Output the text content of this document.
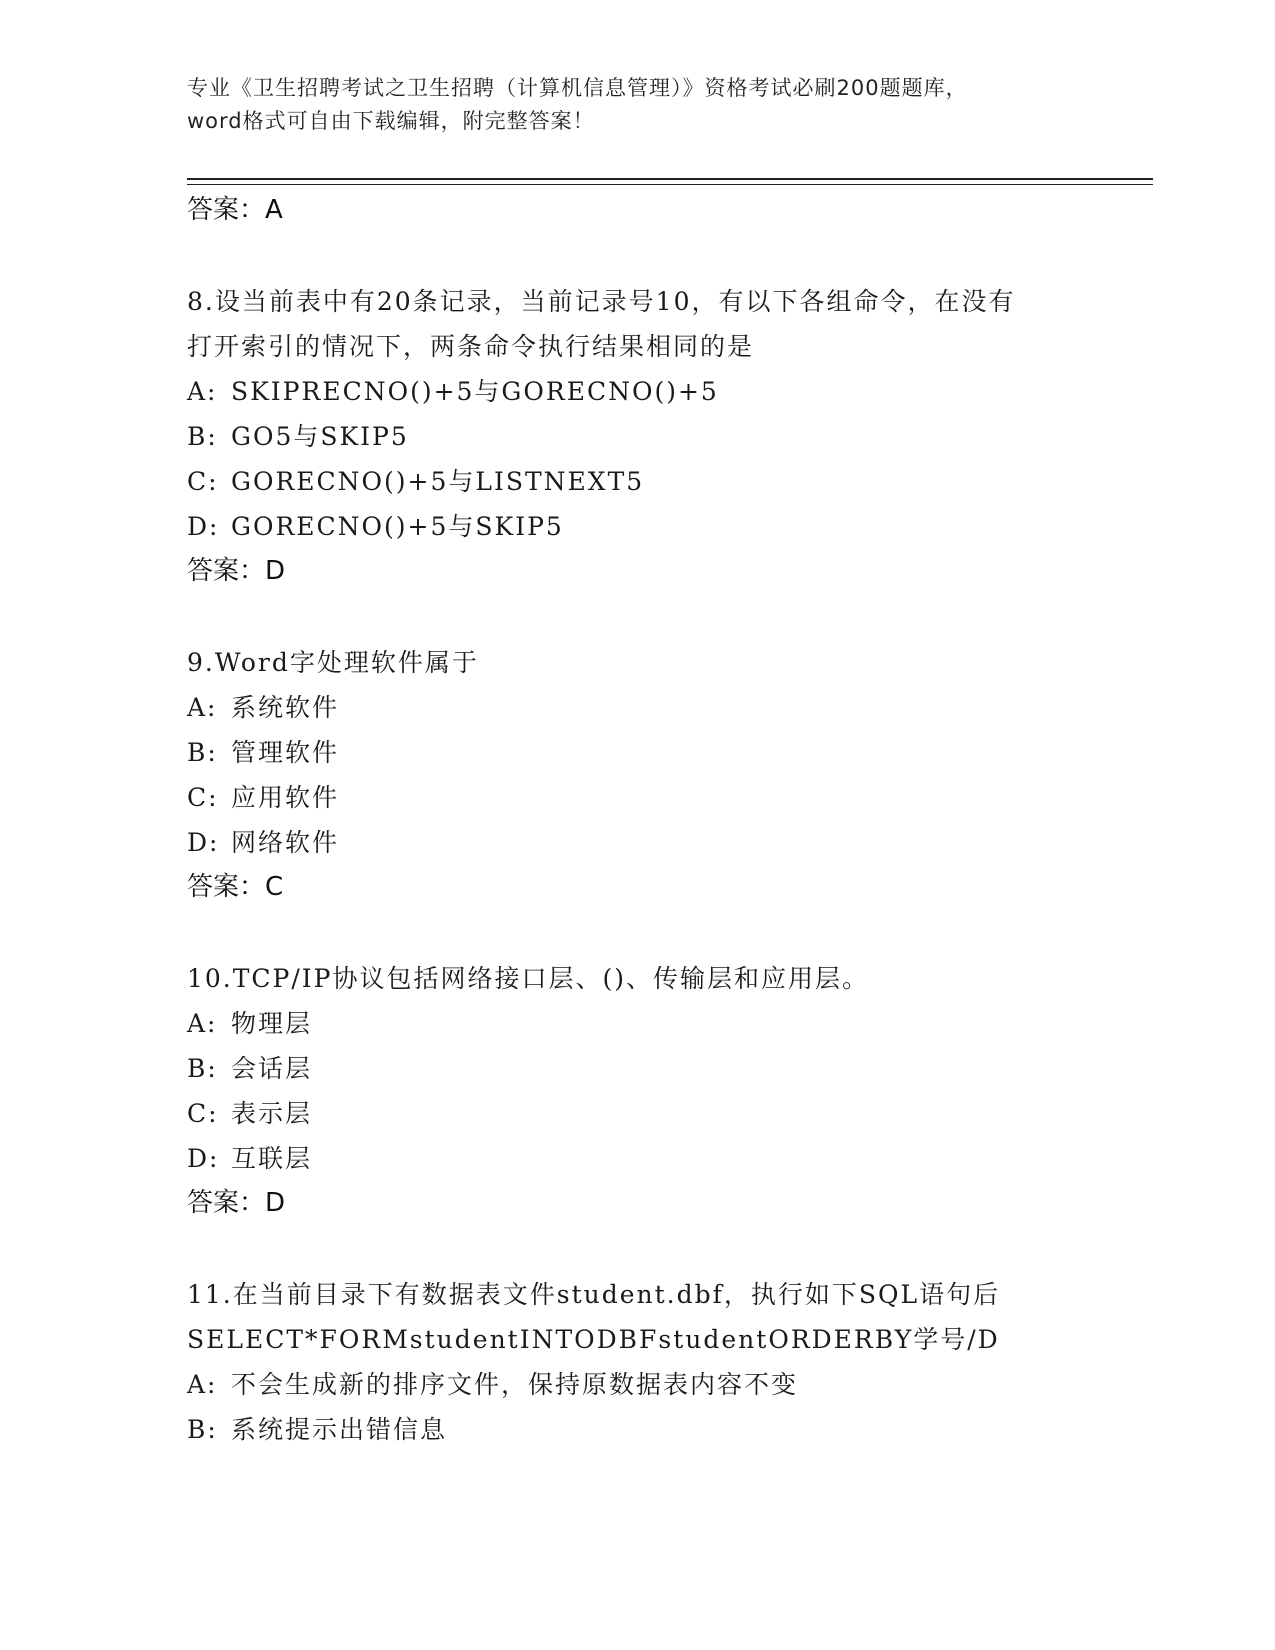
专业《卫生招聘考试之卫生招聘（计算机信息管理）》资格考试必刷200题题库，
word格式可自由下载编辑，附完整答案！
答案：A
8.设当前表中有20条记录，当前记录号10，有以下各组命令，在没有
打开索引的情况下，两条命令执行结果相同的是
A: SKIPRECNO()+5与GORECNO()+5
B: GO5与SKIP5
C: GORECNO()+5与LISTNEXT5
D: GORECNO()+5与SKIP5
答案：D
9.Word字处理软件属于
A: 系统软件
B: 管理软件
C: 应用软件
D: 网络软件
答案：C
10.TCP/IP协议包括网络接口层、()、传输层和应用层。
A: 物理层
B: 会话层
C: 表示层
D: 互联层
答案：D
11.在当前目录下有数据表文件student.dbf，执行如下SQL语句后
SELECT*FORMstudentINTODBFstudentORDERBY学号/D
A: 不会生成新的排序文件，保持原数据表内容不变
B: 系统提示出错信息
